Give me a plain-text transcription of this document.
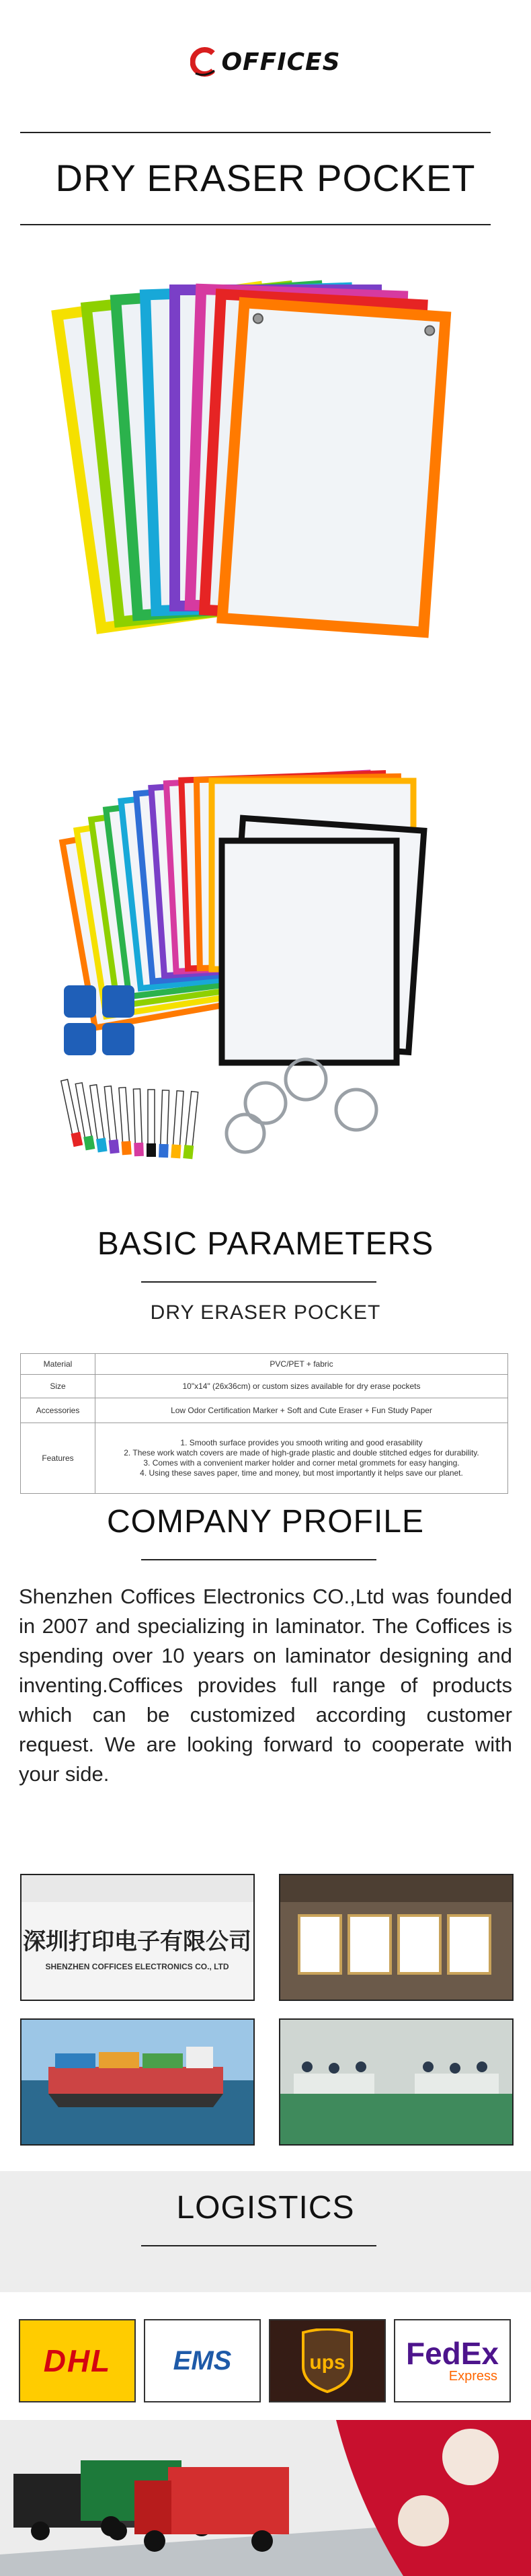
OFFICES
DRY ERASER POCKET
BASIC PARAMETERS
DRY ERASER POCKET
Material	PVC/PET + fabric
Size	10"x14" (26x36cm) or custom sizes available for dry erase pockets
Accessories	Low Odor Certification Marker + Soft and Cute Eraser + Fun Study Paper
Features	1. Smooth surface provides you smooth writing and good erasability
2. These work watch covers are made of high-grade plastic and double stitched edges for durability.
3. Comes with a convenient marker holder and corner metal grommets for easy hanging.
4. Using these saves paper, time and money, but most importantly it helps save our planet.
COMPANY PROFILE
Shenzhen Coffices Electronics CO.,Ltd was founded in 2007 and specializing in laminator. The Coffices is spending over 10 years on laminator designing and inventing.Coffices provides full range of products which can be customized according customer request. We are looking forward to cooperate with your side.
深圳打印电子有限公司
SHENZHEN COFFICES ELECTRONICS CO., LTD
LOGISTICS
DHL EMS	ups FedEx
Express
